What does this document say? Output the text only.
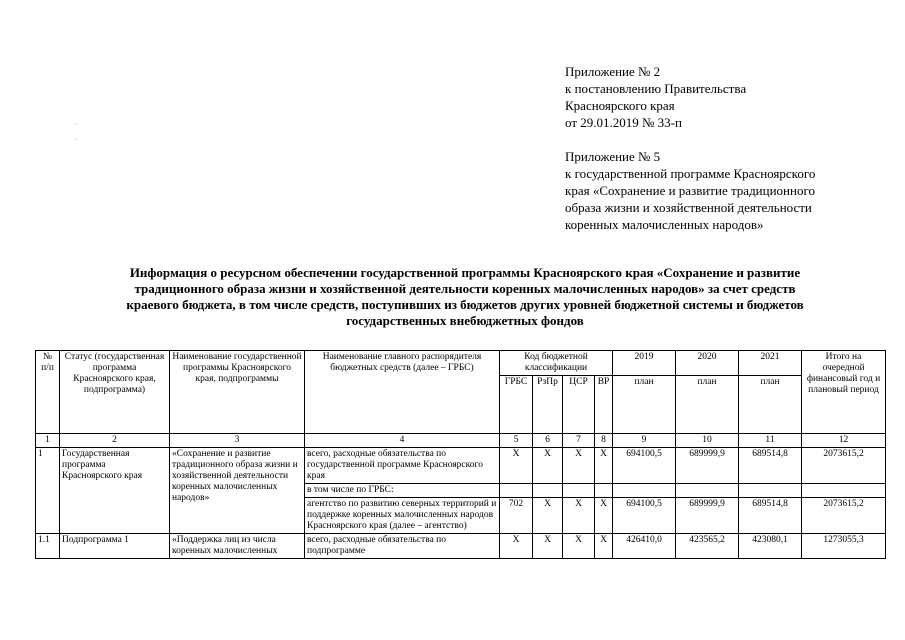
·
·
Приложение № 2
к постановлению Правительства
Красноярского края
от 29.01.2019 № 33-п
Приложение № 5
к государственной программе Красноярского
края «Сохранение и развитие традиционного
образа жизни и хозяйственной деятельности
коренных малочисленных народов»
Информация о ресурсном обеспечении государственной программы Красноярского края «Сохранение и развитие
традиционного образа жизни и хозяйственной деятельности коренных малочисленных народов» за счет средств
краевого бюджета, в том числе средств, поступивших из бюджетов других уровней бюджетной системы и бюджетов
государственных внебюджетных фондов
№ п/п	Статус (государственная программа Красноярского края, подпрограмма)	Наименование государственной программы Красноярского края, подпрограммы	Наименование главного распорядителя бюджетных средств (далее – ГРБС)	Код бюджетной классификации				2019	2020	2021	Итого на очередной финансовый год и плановый период
				ГРБС	РзПр	ЦСР	ВР	план	план	план	
1	2	3	4	5	6	7	8	9	10	11	12
1	Государственная программа Красноярского края	«Сохранение и развитие традиционного образа жизни и хозяйственной деятельности коренных малочисленных народов»	всего, расходные обязательства по государственной программе Красноярского края	Х	Х	Х	Х	694100,5	689999,9	689514,8	2073615,2
			в том числе по ГРБС:								
			агентство по развитию северных территорий и поддержке коренных малочисленных народов Красноярского края (далее – агентство)	702	Х	Х	Х	694100,5	689999,9	689514,8	2073615,2
1.1	Подпрограмма 1	«Поддержка лиц из числа коренных малочисленных	всего, расходные обязательства по подпрограмме	Х	Х	Х	Х	426410,0	423565,2	423080,1	1273055,3
